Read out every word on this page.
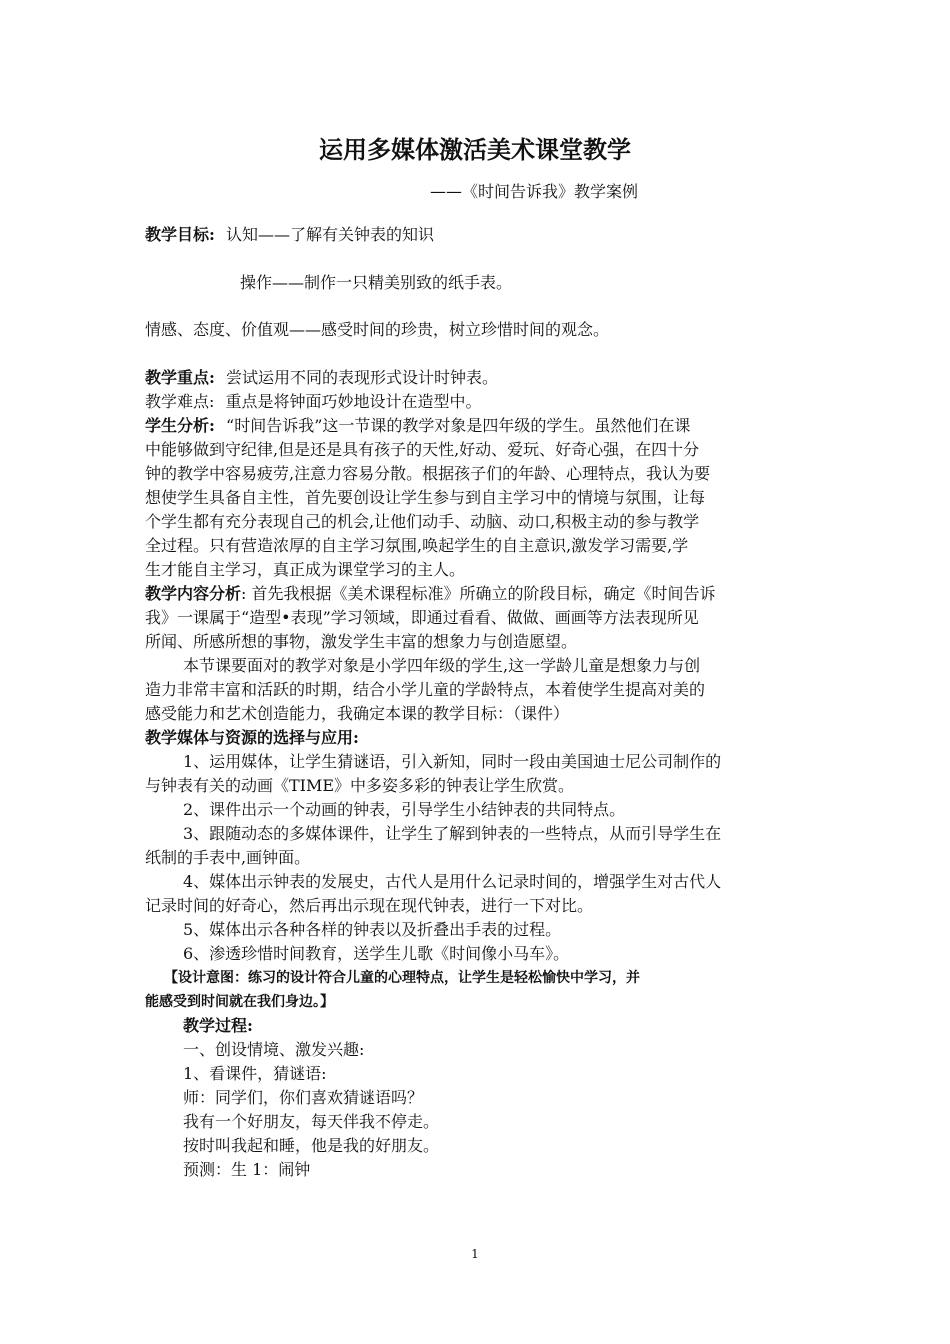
运用多媒体激活美术课堂教学
——《时间告诉我》教学案例
教学目标: 认知——了解有关钟表的知识
操作——制作一只精美别致的纸手表。
情感、态度、价值观——感受时间的珍贵，树立珍惜时间的观念。
教学重点: 尝试运用不同的表现形式设计时钟表。
教学难点: 重点是将钟面巧妙地设计在造型中。
学生分析: “时间告诉我”这一节课的教学对象是四年级的学生。虽然他们在课
中能够做到守纪律,但是还是具有孩子的天性,好动、爱玩、好奇心强，在四十分
钟的教学中容易疲劳,注意力容易分散。根据孩子们的年龄、心理特点，我认为要
想使学生具备自主性，首先要创设让学生参与到自主学习中的情境与氛围，让每
个学生都有充分表现自己的机会,让他们动手、动脑、动口,积极主动的参与教学
全过程。只有营造浓厚的自主学习氛围,唤起学生的自主意识,激发学习需要,学
生才能自主学习，真正成为课堂学习的主人。
教学内容分析: 首先我根据《美术课程标准》所确立的阶段目标，确定《时间告诉
我》一课属于“造型•表现”学习领域，即通过看看、做做、画画等方法表现所见
所闻、所感所想的事物，激发学生丰富的想象力与创造愿望。
本节课要面对的教学对象是小学四年级的学生,这一学龄儿童是想象力与创
造力非常丰富和活跃的时期，结合小学儿童的学龄特点，本着使学生提高对美的
感受能力和艺术创造能力，我确定本课的教学目标：（课件）
教学媒体与资源的选择与应用:
1、运用媒体，让学生猜谜语，引入新知，同时一段由美国迪士尼公司制作的
与钟表有关的动画《TIME》中多姿多彩的钟表让学生欣赏。
2、课件出示一个动画的钟表，引导学生小结钟表的共同特点。
3、跟随动态的多媒体课件，让学生了解到钟表的一些特点，从而引导学生在
纸制的手表中,画钟面。
4、媒体出示钟表的发展史，古代人是用什么记录时间的，增强学生对古代人
记录时间的好奇心，然后再出示现在现代钟表，进行一下对比。
5、媒体出示各种各样的钟表以及折叠出手表的过程。
6、渗透珍惜时间教育，送学生儿歌《时间像小马车》。
【设计意图：练习的设计符合儿童的心理特点，让学生是轻松愉快中学习，并
能感受到时间就在我们身边。】
教学过程:
一、创设情境、激发兴趣:
1、看课件，猜谜语:
师：同学们，你们喜欢猜谜语吗？
我有一个好朋友，每天伴我不停走。
按时叫我起和睡，他是我的好朋友。
预测：生 1：闹钟
1
